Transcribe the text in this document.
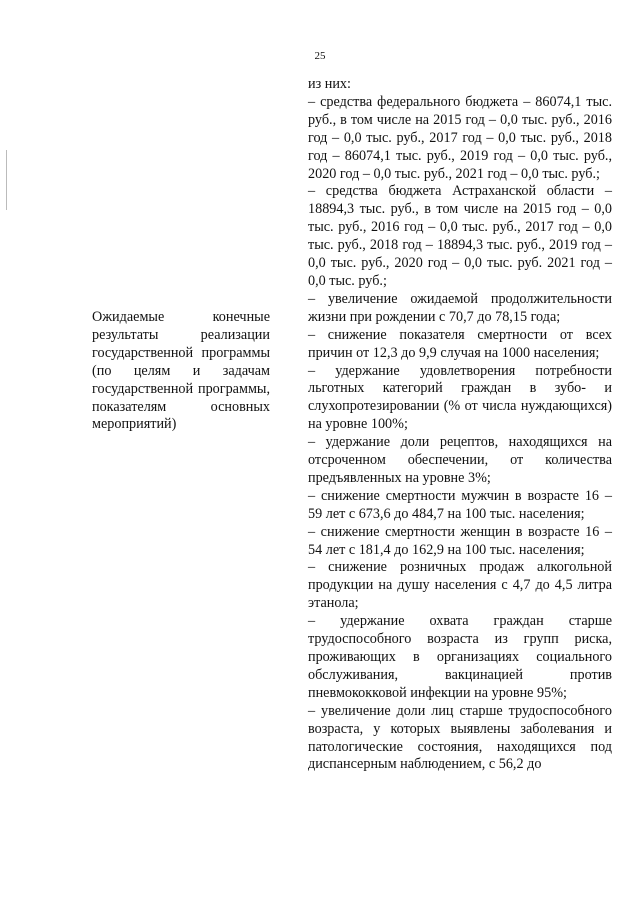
25

Ожидаемые конечные результаты реализации государственной программы (по целям и задачам государственной программы, показателям основных мероприятий)

из них:

– средства федерального бюджета – 86074,1 тыс. руб., в том числе на 2015 год – 0,0 тыс. руб., 2016 год – 0,0 тыс. руб., 2017 год – 0,0 тыс. руб., 2018 год – 86074,1 тыс. руб., 2019 год – 0,0 тыс. руб., 2020 год – 0,0 тыс. руб., 2021 год – 0,0 тыс. руб.;

– средства бюджета Астраханской области – 18894,3 тыс. руб., в том числе на 2015 год – 0,0 тыс. руб., 2016 год – 0,0 тыс. руб., 2017 год – 0,0 тыс. руб., 2018 год – 18894,3 тыс. руб., 2019 год – 0,0 тыс. руб., 2020 год – 0,0 тыс. руб. 2021 год – 0,0 тыс. руб.;

– увеличение ожидаемой продолжительности жизни при рождении с 70,7 до 78,15 года;

– снижение показателя смертности от всех причин от 12,3 до 9,9 случая на 1000 населения;

– удержание удовлетворения потребности льготных категорий граждан в зубо- и слухопротезировании (% от числа нуждающихся) на уровне 100%;

– удержание доли рецептов, находящихся на отсроченном обеспечении, от количества предъявленных на уровне 3%;

– снижение смертности мужчин в возрасте 16 – 59 лет с 673,6 до 484,7 на 100 тыс. населения;

– снижение смертности женщин в возрасте 16 – 54 лет с 181,4 до 162,9 на 100 тыс. населения;

– снижение розничных продаж алкогольной продукции на душу населения с 4,7 до 4,5 литра этанола;

– удержание охвата граждан старше трудоспособного возраста из групп риска, проживающих в организациях социального обслуживания, вакцинацией против пневмококковой инфекции на уровне 95%;

– увеличение доли лиц старше трудоспособного возраста, у которых выявлены заболевания и патологические состояния, находящихся под диспансерным наблюдением, с 56,2 до
